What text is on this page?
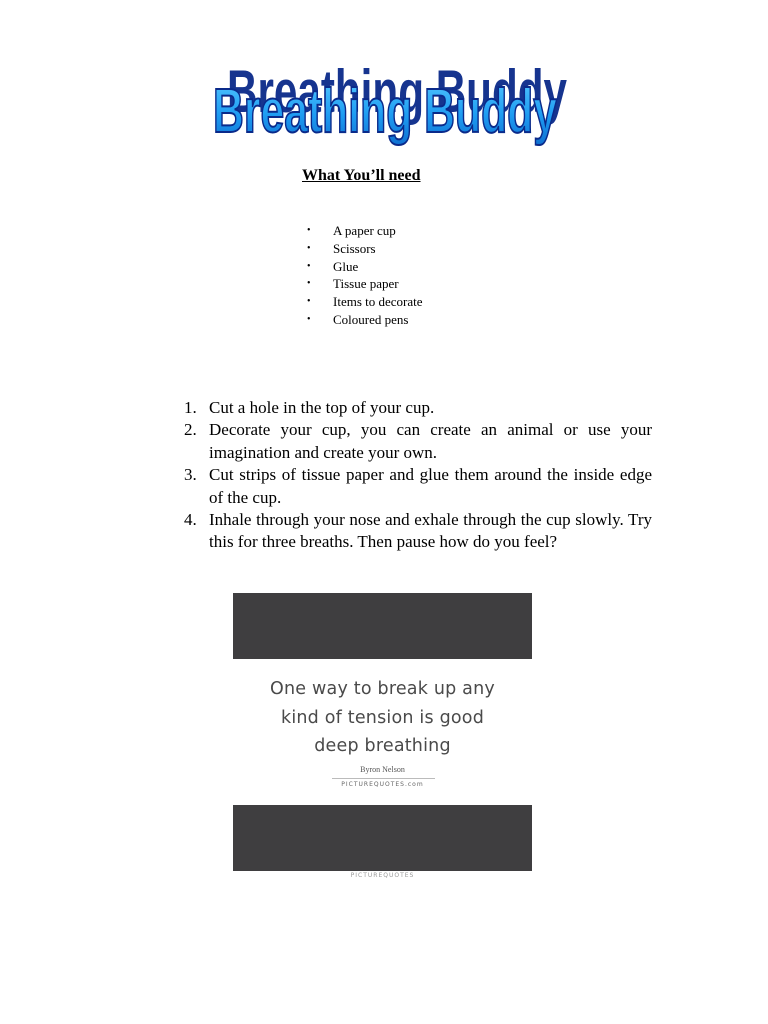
Breathing Buddy
Breathing Buddy
What You’ll need
• A paper cup
• Scissors
• Glue
• Tissue paper
• Items to decorate
• Coloured pens
1. Cut a hole in the top of your cup.
2. Decorate your cup, you can create an animal or use your imagination and create your own.
3. Cut strips of tissue paper and glue them around the inside edge of the cup.
4. Inhale through your nose and exhale through the cup slowly. Try this for three breaths. Then pause how do you feel?
One way to break up any
kind of tension is good
deep breathing
Byron Nelson
PICTUREQUOTES.com
PICTUREQUOTES
